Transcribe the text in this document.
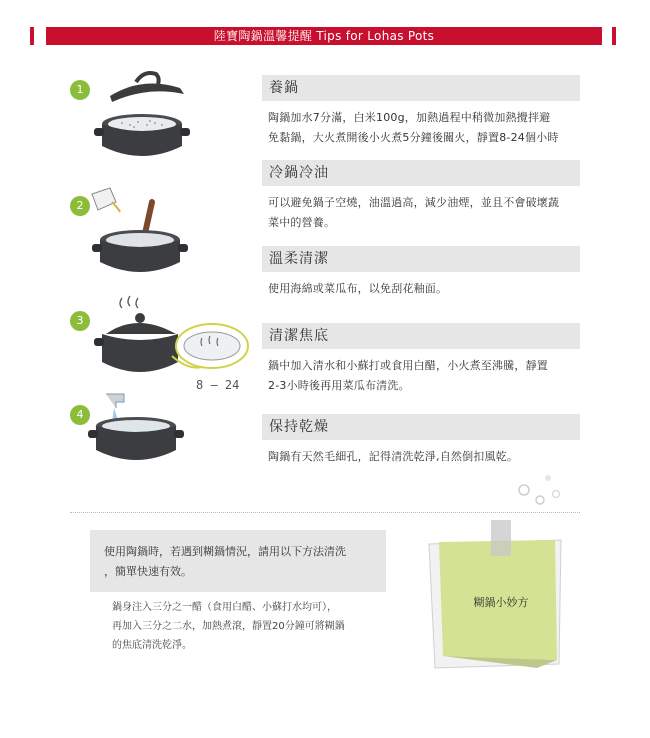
陸寶陶鍋溫馨提醒 Tips for Lohas Pots
1
2
3
4
8 – 24
養鍋
陶鍋加水7分滿，白米100g，加熱過程中稍微加熱攪拌避
免黏鍋，大火煮開後小火煮5分鐘後關火，靜置8-24個小時
冷鍋冷油
可以避免鍋子空燒，油溫過高，減少油煙，並且不會破壞蔬
菜中的營養。
溫柔清潔
使用海綿或菜瓜布，以免刮花釉面。
清潔焦底
鍋中加入清水和小蘇打或食用白醋，小火煮至沸騰，靜置
2-3小時後再用菜瓜布清洗。
保持乾燥
陶鍋有天然毛細孔，記得清洗乾淨,自然倒扣風乾。
使用陶鍋時，若遇到糊鍋情況，請用以下方法清洗
，簡單快速有效。
鍋身注入三分之一醋（食用白醋、小蘇打水均可），
再加入三分之二水，加熱煮滾，靜置20分鐘可將糊鍋
的焦底清洗乾淨。
糊鍋小妙方
